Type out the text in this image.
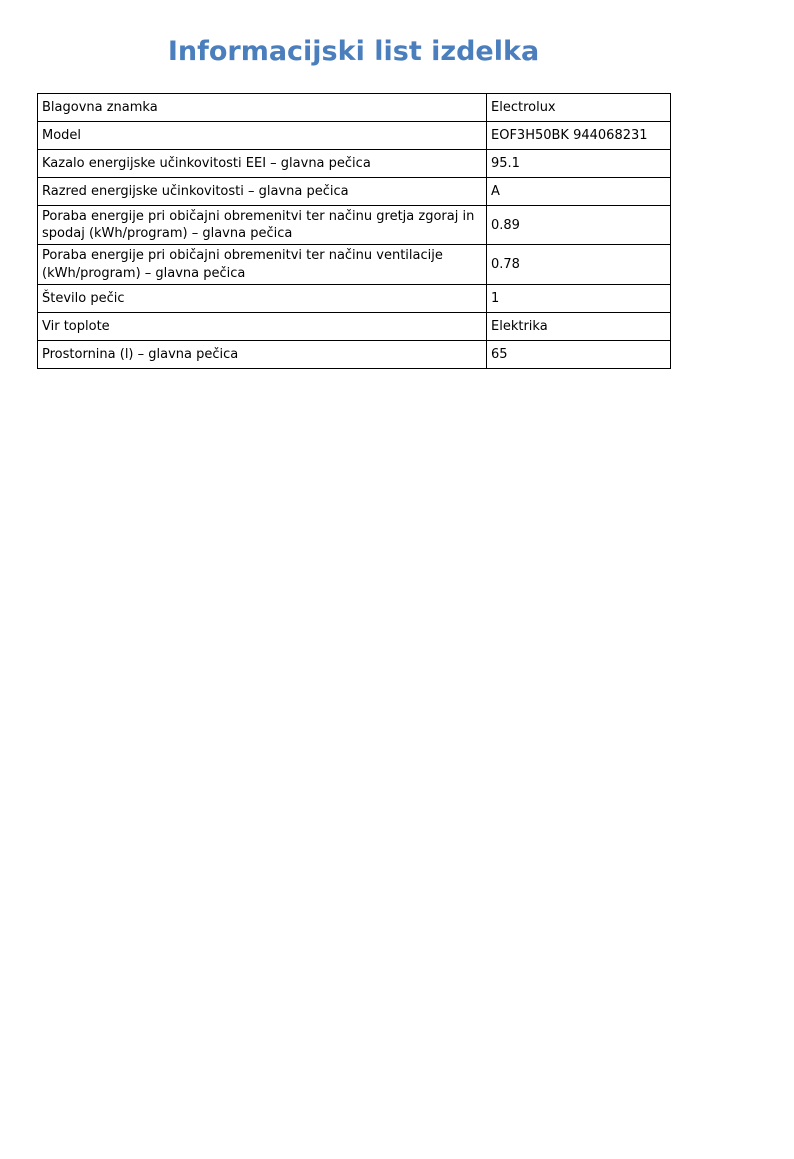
Informacijski list izdelka
Blagovna znamka	Electrolux
Model	EOF3H50BK 944068231
Kazalo energijske učinkovitosti EEI – glavna pečica	95.1
Razred energijske učinkovitosti – glavna pečica	A
Poraba energije pri običajni obremenitvi ter načinu gretja zgoraj in spodaj (kWh/program) – glavna pečica	0.89
Poraba energije pri običajni obremenitvi ter načinu ventilacije (kWh/program) – glavna pečica	0.78
Število pečic	1
Vir toplote	Elektrika
Prostornina (l) – glavna pečica	65
